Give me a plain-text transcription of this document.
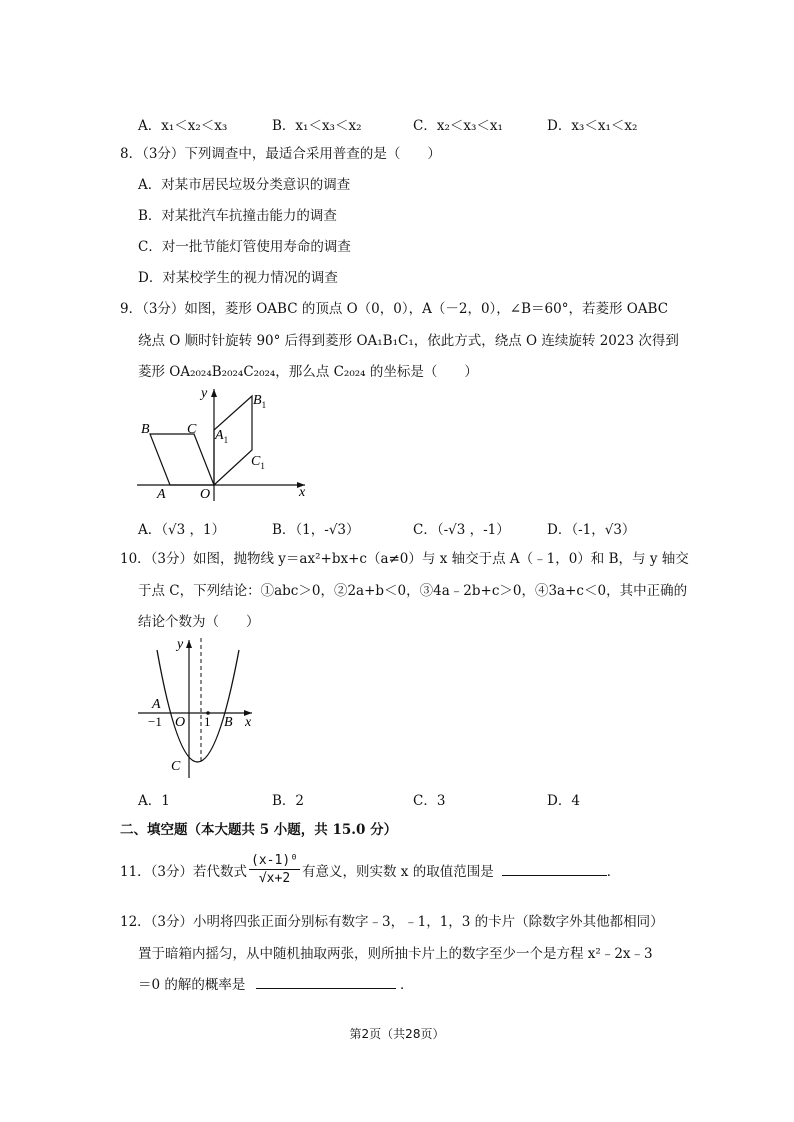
A．x₁＜x₂＜x₃	B．x₁＜x₃＜x₂	C．x₂＜x₃＜x₁	D．x₃＜x₁＜x₂
8．（3分）下列调查中，最适合采用普查的是（　　）
A．对某市居民垃圾分类意识的调查
B．对某批汽车抗撞击能力的调查
C．对一批节能灯管使用寿命的调查
D．对某校学生的视力情况的调查
9．（3分）如图，菱形 OABC 的顶点 O（0，0），A（－2，0），∠B＝60°，若菱形 OABC
绕点 O 顺时针旋转 90° 后得到菱形 OA₁B₁C₁，依此方式，绕点 O 连续旋转 2023 次得到
菱形 OA₂₀₂₄B₂₀₂₄C₂₀₂₄，那么点 C₂₀₂₄ 的坐标是（　　）
y
x
B	C
A O
$B_1$
$A_1$
$C_1$
A．（√3 ，1）	B．（1，-√3）	C．（-√3 ，-1）	D．（-1，√3）
10．（3分）如图，抛物线 y＝ax²+bx+c（a≠0）与 x 轴交于点 A（﹣1，0）和 B，与 y 轴交
于点 C，下列结论：①abc＞0，②2a+b＜0，③4a﹣2b+c＞0，④3a+c＜0，其中正确的
结论个数为（　　）
y
x
A
−1 O 1 B
C
A．1	B．2	C．3	D．4
二、填空题（本大题共 5 小题，共 15.0 分）
11．（3分）若代数式 $\frac{\text{(x-1)⁰}}{√x+2}$ 有意义，则实数 x 的取值范围是	．
12．（3分）小明将四张正面分别标有数字﹣3，﹣1，1，3 的卡片（除数字外其他都相同）
置于暗箱内摇匀，从中随机抽取两张，则所抽卡片上的数字至少一个是方程 x²﹣2x﹣3
＝0 的解的概率是	．
第2页（共28页）
